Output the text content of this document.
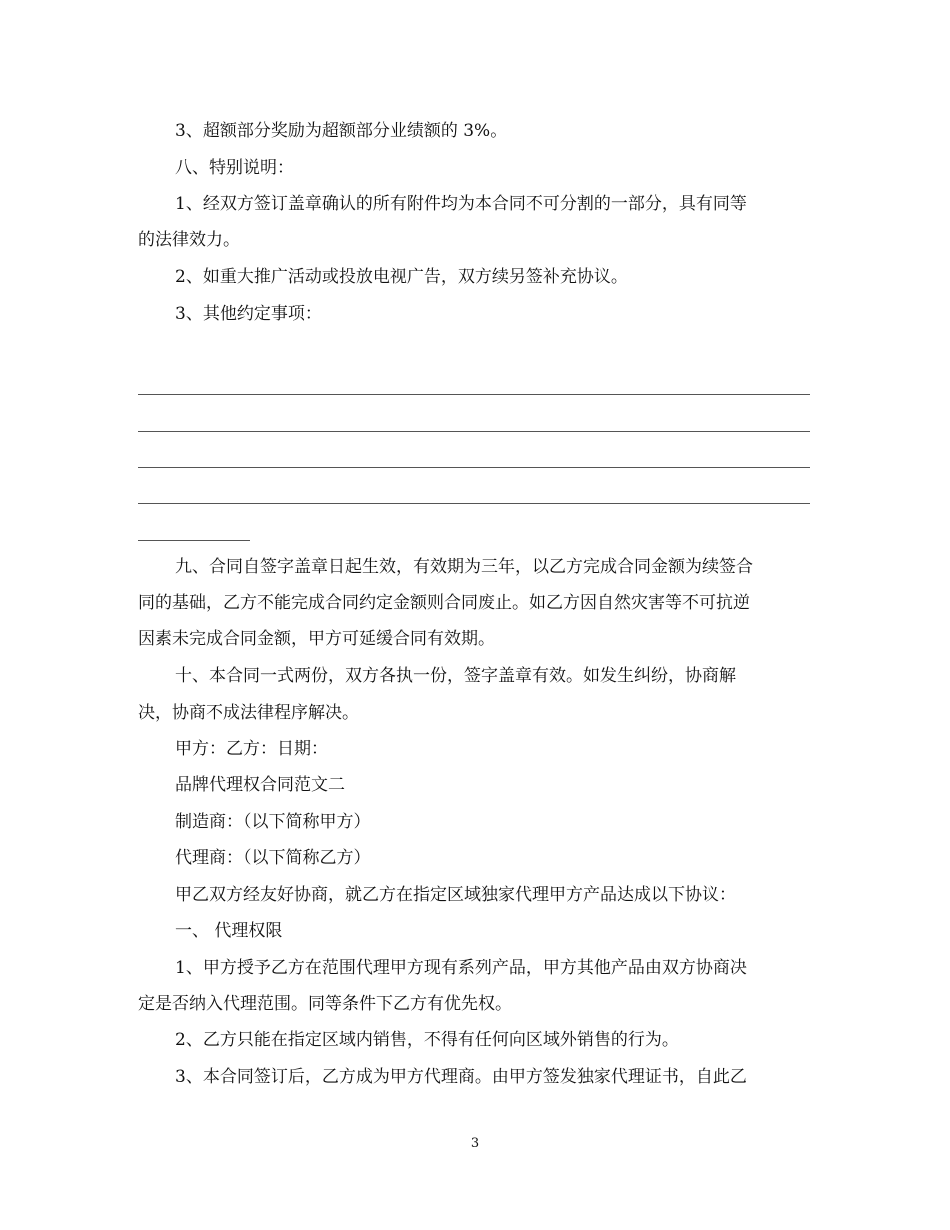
3、超额部分奖励为超额部分业绩额的 3%。
八、特别说明：
1、经双方签订盖章确认的所有附件均为本合同不可分割的一部分，具有同等
的法律效力。
2、如重大推广活动或投放电视广告，双方续另签补充协议。
3、其他约定事项：
九、合同自签字盖章日起生效，有效期为三年，以乙方完成合同金额为续签合
同的基础，乙方不能完成合同约定金额则合同废止。如乙方因自然灾害等不可抗逆
因素未完成合同金额，甲方可延缓合同有效期。
十、本合同一式两份，双方各执一份，签字盖章有效。如发生纠纷，协商解
决，协商不成法律程序解决。
甲方：乙方：日期：
品牌代理权合同范文二
制造商：（以下简称甲方）
代理商：（以下简称乙方）
甲乙双方经友好协商，就乙方在指定区域独家代理甲方产品达成以下协议：
一、 代理权限
1、甲方授予乙方在范围代理甲方现有系列产品，甲方其他产品由双方协商决
定是否纳入代理范围。同等条件下乙方有优先权。
2、乙方只能在指定区域内销售，不得有任何向区域外销售的行为。
3、本合同签订后，乙方成为甲方代理商。由甲方签发独家代理证书，自此乙
3
